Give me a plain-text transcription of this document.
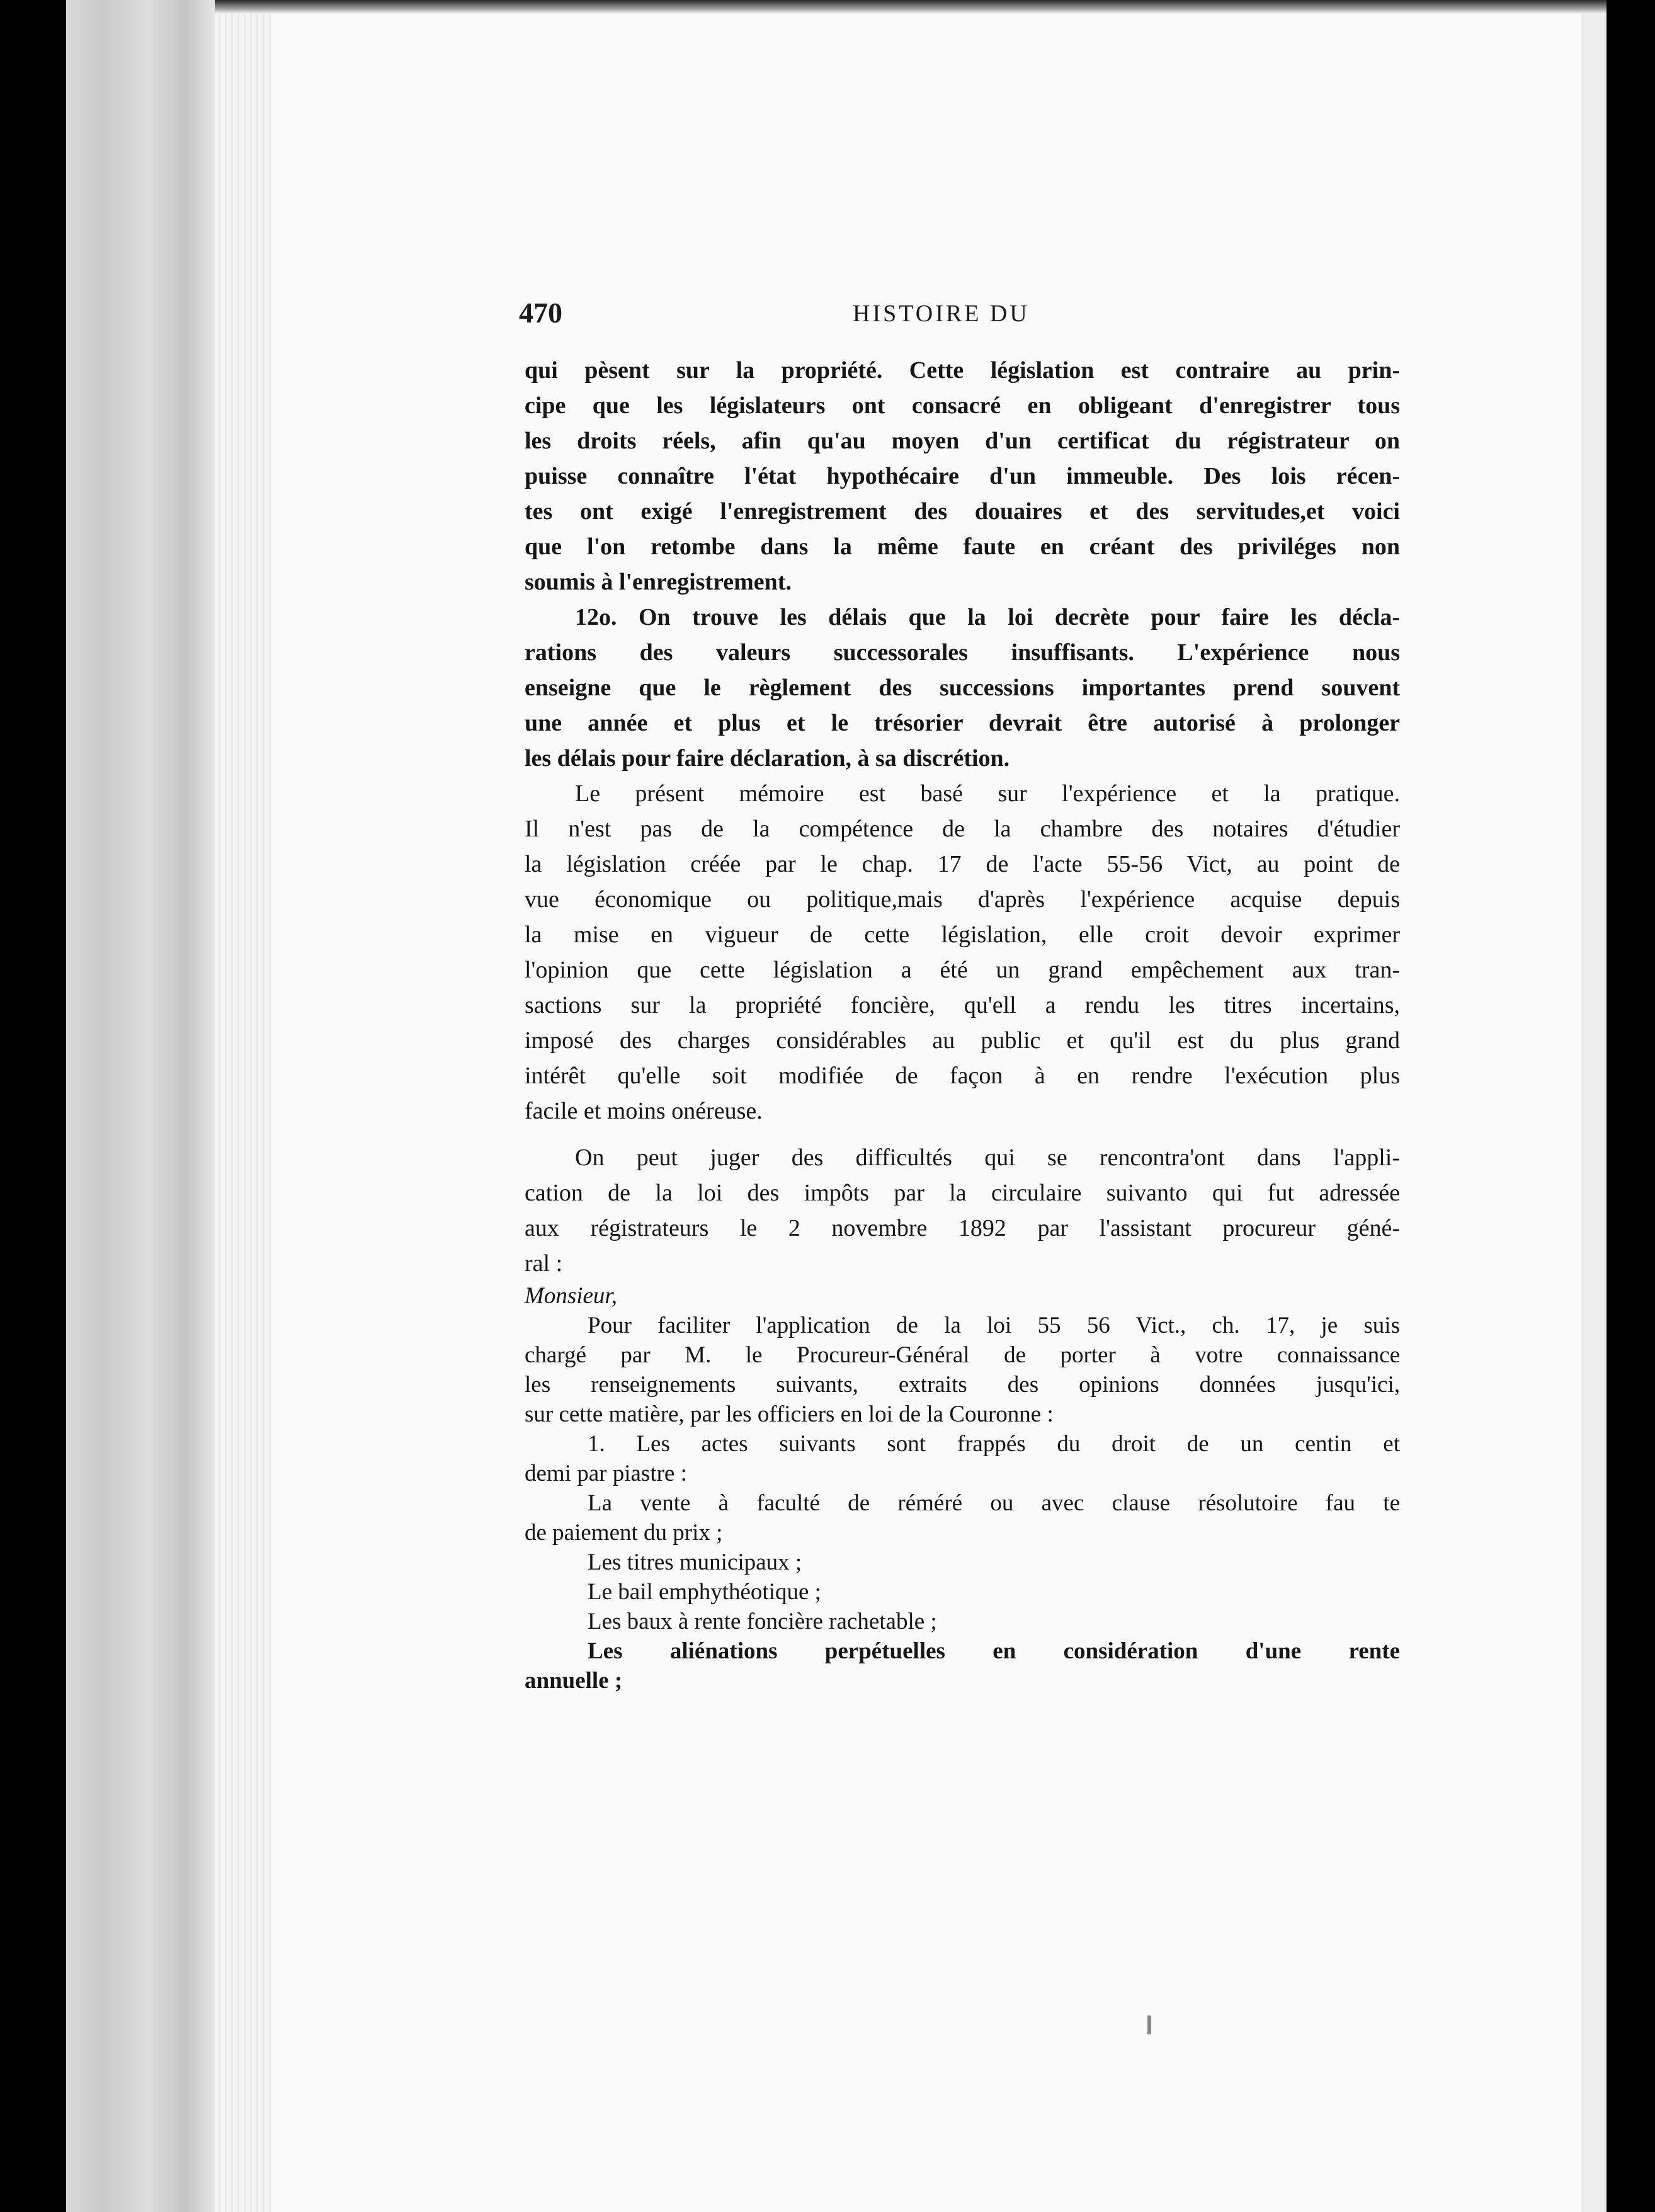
470	HISTOIRE DU
qui pèsent sur la propriété. Cette législation est contraire au prin-
cipe que les législateurs ont consacré en obligeant d'enregistrer tous
les droits réels, afin qu'au moyen d'un certificat du régistrateur on
puisse connaître l'état hypothécaire d'un immeuble. Des lois récen-
tes ont exigé l'enregistrement des douaires et des servitudes,et voici
que l'on retombe dans la même faute en créant des priviléges non
soumis à l'enregistrement.
12o. On trouve les délais que la loi decrète pour faire les décla-
rations des valeurs successorales insuffisants. L'expérience nous
enseigne que le règlement des successions importantes prend souvent
une année et plus et le trésorier devrait être autorisé à prolonger
les délais pour faire déclaration, à sa discrétion.
Le présent mémoire est basé sur l'expérience et la pratique.
Il n'est pas de la compétence de la chambre des notaires d'étudier
la législation créée par le chap. 17 de l'acte 55-56 Vict, au point de
vue économique ou politique,mais d'après l'expérience acquise depuis
la mise en vigueur de cette législation, elle croit devoir exprimer
l'opinion que cette législation a été un grand empêchement aux tran-
sactions sur la propriété foncière, qu'ell a rendu les titres incertains,
imposé des charges considérables au public et qu'il est du plus grand
intérêt qu'elle soit modifiée de façon à en rendre l'exécution plus
facile et moins onéreuse.
On peut juger des difficultés qui se rencontra'ont dans l'appli-
cation de la loi des impôts par la circulaire suivanto qui fut adressée
aux régistrateurs le 2 novembre 1892 par l'assistant procureur géné-
ral :
Monsieur,
Pour faciliter l'application de la loi 55 56 Vict., ch. 17, je suis
chargé par M. le Procureur-Général de porter à votre connaissance
les renseignements suivants, extraits des opinions données jusqu'ici,
sur cette matière, par les officiers en loi de la Couronne :
1. Les actes suivants sont frappés du droit de un centin et
demi par piastre :
La vente à faculté de réméré ou avec clause résolutoire fau te
de paiement du prix ;
Les titres municipaux ;
Le bail emphythéotique ;
Les baux à rente foncière rachetable ;
Les aliénations perpétuelles en considération d'une rente
annuelle ;
